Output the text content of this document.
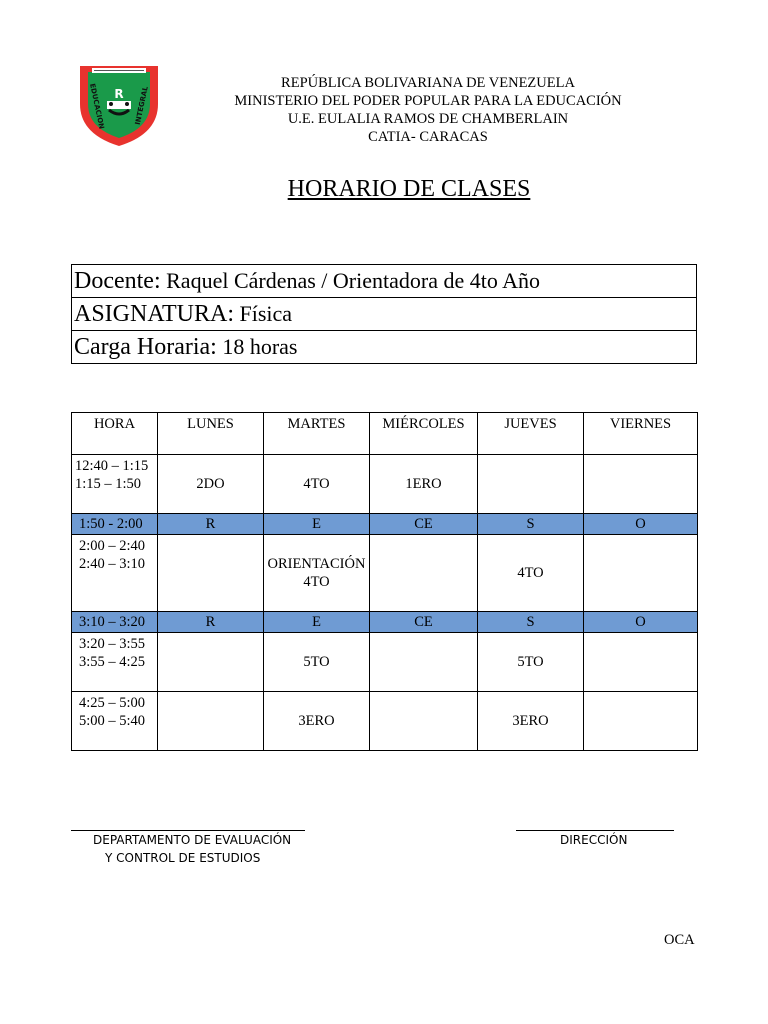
R
EDUCACION	INTEGRAL
REPÚBLICA BOLIVARIANA DE VENEZUELA
MINISTERIO DEL PODER POPULAR PARA LA EDUCACIÓN
U.E. EULALIA RAMOS DE CHAMBERLAIN
CATIA- CARACAS
HORARIO DE CLASES
Docente: Raquel Cárdenas / Orientadora de 4to Año
ASIGNATURA: Física
Carga Horaria: 18 horas
HORA	LUNES	MARTES	MIÉRCOLES	JUEVES	VIERNES

12:40 – 1:15
1:15 – 1:50	2DO	4TO	1ERO		
1:50 - 2:00	R	E	CE	S	O

2:00 – 2:40
2:40 – 3:10		ORIENTACIÓN 4TO		4TO	
3:10 – 3:20	R	E	CE	S	O

3:20 – 3:55
3:55 – 4:25		5TO		5TO	

4:25 – 5:00
5:00 – 5:40		3ERO		3ERO	
DEPARTAMENTO DE EVALUACIÓN
Y CONTROL DE ESTUDIOS
DIRECCIÓN
OCA
